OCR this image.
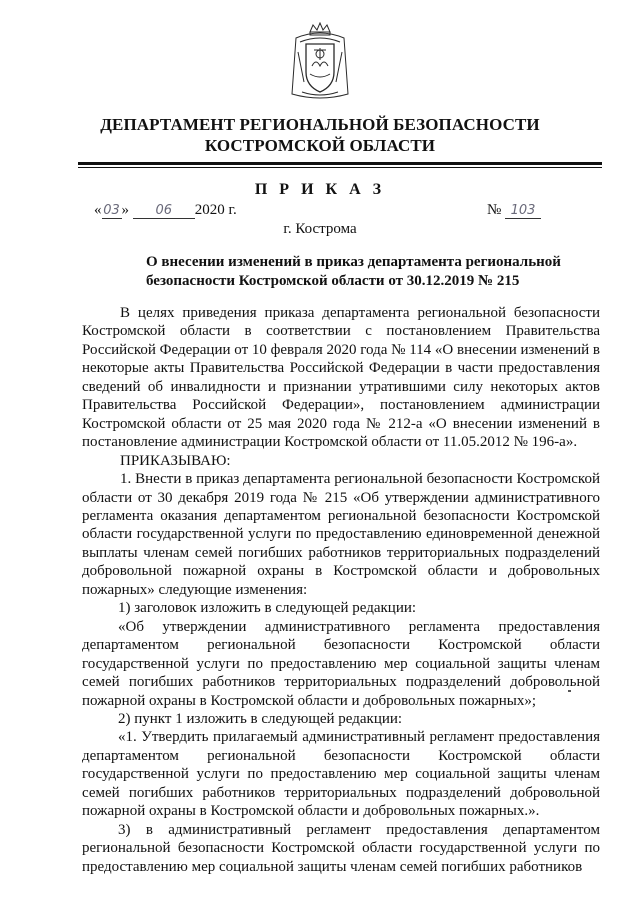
ДЕПАРТАМЕНТ РЕГИОНАЛЬНОЙ БЕЗОПАСНОСТИ
КОСТРОМСКОЙ ОБЛАСТИ
П Р И К А З
« 03 » 06 2020 г.	№ 103
г. Кострома
О внесении изменений в приказ департамента региональной безопасности Костромской области от 30.12.2019 № 215

В целях приведения приказа департамента региональной безопасности Костромской области в соответствии с постановлением Правительства Российской Федерации от 10 февраля 2020 года № 114 «О внесении изменений в некоторые акты Правительства Российской Федерации в части предоставления сведений об инвалидности и признании утратившими силу некоторых актов Правительства Российской Федерации», постановлением администрации Костромской области от 25 мая 2020 года № 212-а «О внесении изменений в постановление администрации Костромской области от 11.05.2012 № 196-а».

ПРИКАЗЫВАЮ:

1. Внести в приказ департамента региональной безопасности Костромской области от 30 декабря 2019 года № 215 «Об утверждении административного регламента оказания департаментом региональной безопасности Костромской области государственной услуги по предоставлению единовременной денежной выплаты членам семей погибших работников территориальных подразделений добровольной пожарной охраны в Костромской области и добровольных пожарных» следующие изменения:

1) заголовок изложить в следующей редакции:

«Об утверждении административного регламента предоставления департаментом региональной безопасности Костромской области государственной услуги по предоставлению мер социальной защиты членам семей погибших работников территориальных подразделений добровольной пожарной охраны в Костромской области и добровольных пожарных»;

2) пункт 1 изложить в следующей редакции:

«1. Утвердить прилагаемый административный регламент предоставления департаментом региональной безопасности Костромской области государственной услуги по предоставлению мер социальной защиты членам семей погибших работников территориальных подразделений добровольной пожарной охраны в Костромской области и добровольных пожарных.».

3) в административный регламент предоставления департаментом региональной безопасности Костромской области государственной услуги по предоставлению мер социальной защиты членам семей погибших работников
